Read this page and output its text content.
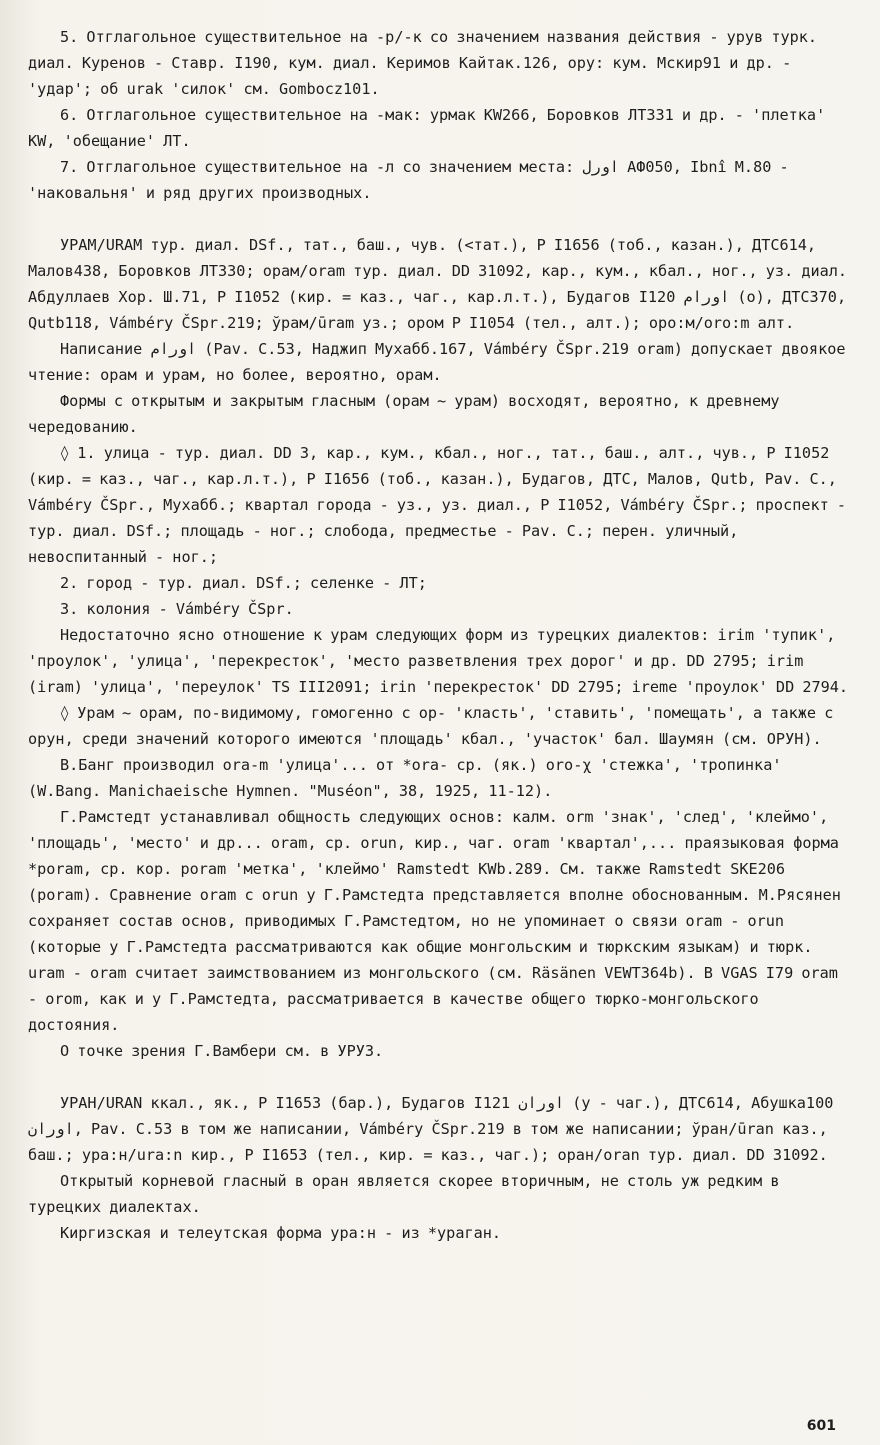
5. Отглагольное существительное на -р/-к со значением названия действия - урув турк. диал. Куренов - Ставр. I190, кум. диал. Керимов Кайтак.126, ору: кум. Мскир91 и др. - 'удар'; об urak 'силок' см. Gombocz101.

6. Отглагольное существительное на -мак: урмак KW266, Боровков ЛТ331 и др. - 'плетка' KW, 'обещание' ЛТ.

7. Отглагольное существительное на -л со значением места: اورل АФ050, Ibnî M.80 - 'наковальня' и ряд других производных.

УРАМ/URAM тур. диал. DSf., тат., баш., чув. (<тат.), Р I1656 (тоб., казан.), ДТС614, Малов438, Боровков ЛТ330; орам/oram тур. диал. DD 31092, кар., кум., кбал., ног., уз. диал. Абдуллаев Хор. Ш.71, Р I1052 (кир. = каз., чаг., кар.л.т.), Будагов I120 اورام (о), ДТС370, Qutb118, Vámbéry ČSpr.219; ўрам/ūram уз.; ором Р I1054 (тел., алт.); оро:м/oro:m алт.

Написание اورام (Pav. C.53, Наджип Мухабб.167, Vámbéry ČSpr.219 oram) допускает двоякое чтение: орам и урам, но более, вероятно, орам.

Формы с открытым и закрытым гласным (орам ~ урам) восходят, вероятно, к древнему чередованию.

◊ 1. улица - тур. диал. DD 3, кар., кум., кбал., ног., тат., баш., алт., чув., Р I1052 (кир. = каз., чаг., кар.л.т.), Р I1656 (тоб., казан.), Будагов, ДТС, Малов, Qutb, Pav. C., Vámbéry ČSpr., Мухабб.; квартал города - уз., уз. диал., Р I1052, Vámbéry ČSpr.; проспект - тур. диал. DSf.; площадь - ног.; слобода, предместье - Pav. C.; перен. уличный, невоспитанный - ног.;

2. город - тур. диал. DSf.; селенке - ЛТ;

3. колония - Vámbéry ČSpr.

Недостаточно ясно отношение к урам следующих форм из турецких диалектов: irim 'тупик', 'проулок', 'улица', 'перекресток', 'место разветвления трех дорог' и др. DD 2795; irim (iram) 'улица', 'переулок' TS III2091; irin 'перекресток' DD 2795; ireme 'проулок' DD 2794.

◊ Урам ~ орам, по-видимому, гомогенно с ор- 'класть', 'ставить', 'помещать', а также с орун, среди значений которого имеются 'площадь' кбал., 'участок' бал. Шаумян (см. ОРУН).

В.Банг производил ora-m 'улица'... от *ora- ср. (як.) oro-χ 'стежка', 'тропинка' (W.Bang. Manichaeische Hymnen. "Muséon", 38, 1925, 11-12).

Г.Рамстедт устанавливал общность следующих основ: калм. orm 'знак', 'след', 'клеймо', 'площадь', 'место' и др... oram, ср. orun, кир., чаг. oram 'квартал',... праязыковая форма *poram, ср. кор. poram 'метка', 'клеймо' Ramstedt KWb.289. См. также Ramstedt SKE206 (poram). Сравнение oram с orun у Г.Рамстедта представляется вполне обоснованным. М.Рясянен сохраняет состав основ, приводимых Г.Рамстедтом, но не упоминает о связи oram - orun (которые у Г.Рамстедта рассматриваются как общие монгольским и тюркским языкам) и тюрк. uram - oram считает заимствованием из монгольского (см. Räsänen VEWT364b). В VGAS I79 oram - orom, как и у Г.Рамстедта, рассматривается в качестве общего тюрко-монгольского достояния.

О точке зрения Г.Вамбери см. в УРУЗ.

УРАН/URAN ккал., як., Р I1653 (бар.), Будагов I121 اوران (у - чаг.), ДТС614, Абушка100 اوران, Pav. C.53 в том же написании, Vámbéry ČSpr.219 в том же написании; ўран/ūran каз., баш.; ура:н/ura:n кир., Р I1653 (тел., кир. = каз., чаг.); оран/oran тур. диал. DD 31092.

Открытый корневой гласный в оран является скорее вторичным, не столь уж редким в турецких диалектах.

Киргизская и телеутская форма ура:н - из *ураган.

601
